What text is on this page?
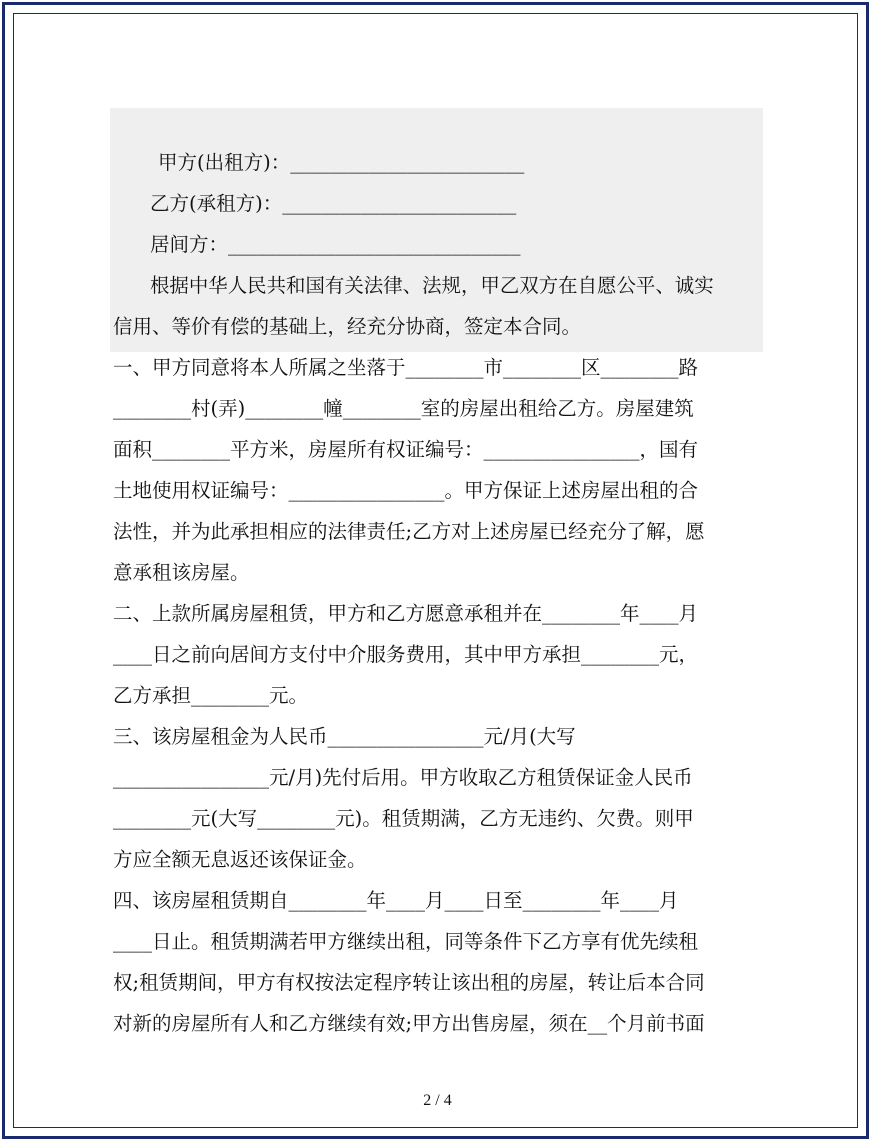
甲方(出租方)：________________________
乙方(承租方)：________________________
居间方：______________________________
根据中华人民共和国有关法律、法规，甲乙双方在自愿公平、诚实
信用、等价有偿的基础上，经充分协商，签定本合同。
一、甲方同意将本人所属之坐落于________市________区________路
________村(弄)________幢________室的房屋出租给乙方。房屋建筑
面积________平方米，房屋所有权证编号：________________，国有
土地使用权证编号：________________。甲方保证上述房屋出租的合
法性，并为此承担相应的法律责任;乙方对上述房屋已经充分了解，愿
意承租该房屋。
二、上款所属房屋租赁，甲方和乙方愿意承租并在________年____月
____日之前向居间方支付中介服务费用，其中甲方承担________元，
乙方承担________元。
三、该房屋租金为人民币________________元/月(大写
________________元/月)先付后用。甲方收取乙方租赁保证金人民币
________元(大写________元)。租赁期满，乙方无违约、欠费。则甲
方应全额无息返还该保证金。
四、该房屋租赁期自________年____月____日至________年____月
____日止。租赁期满若甲方继续出租，同等条件下乙方享有优先续租
权;租赁期间，甲方有权按法定程序转让该出租的房屋，转让后本合同
对新的房屋所有人和乙方继续有效;甲方出售房屋，须在__个月前书面
2 / 4
